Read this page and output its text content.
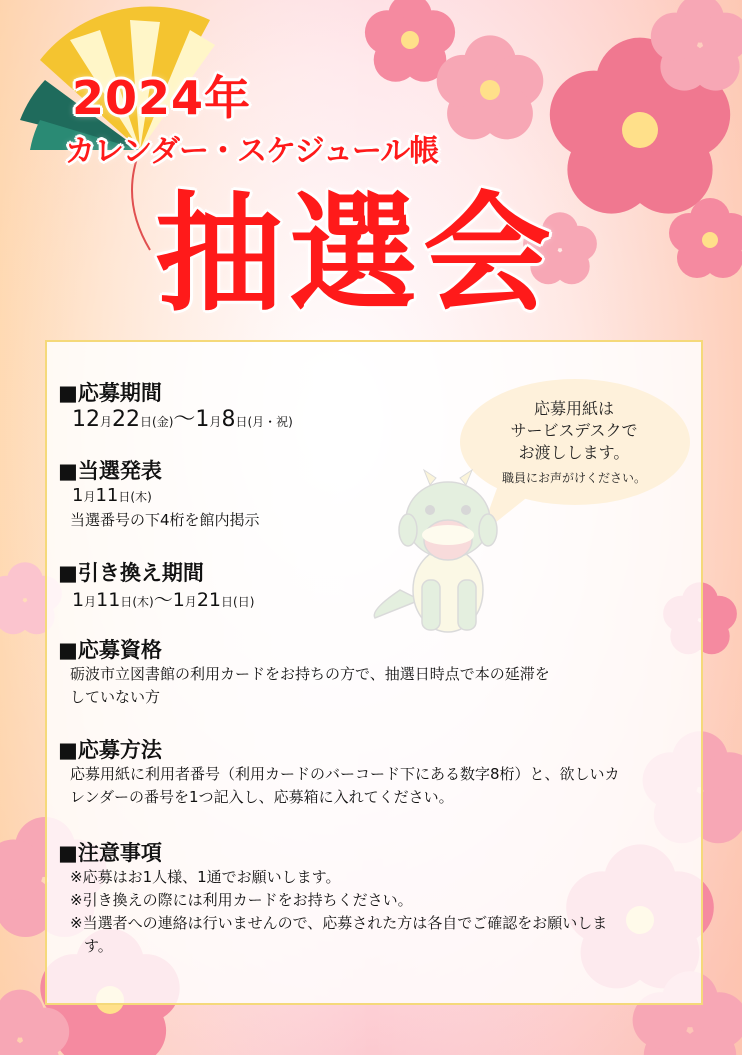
2024年
カレンダー・スケジュール帳
抽選会
応募用紙は
サービスデスクで
お渡しします。
職員にお声がけください。
■応募期間
12月22日(金)〜1月8日(月・祝)
■当選発表
1月11日(木)
当選番号の下4桁を館内掲示
■引き換え期間
1月11日(木)〜1月21日(日)
■応募資格
砺波市立図書館の利用カードをお持ちの方で、抽選日時点で本の延滞を
していない方
■応募方法
応募用紙に利用者番号（利用カードのバーコード下にある数字8桁）と、欲しいカ
レンダーの番号を1つ記入し、応募箱に入れてください。
■注意事項
※応募はお1人様、1通でお願いします。
※引き換えの際には利用カードをお持ちください。
※当選者への連絡は行いませんので、応募された方は各自でご確認をお願いしま
す。
